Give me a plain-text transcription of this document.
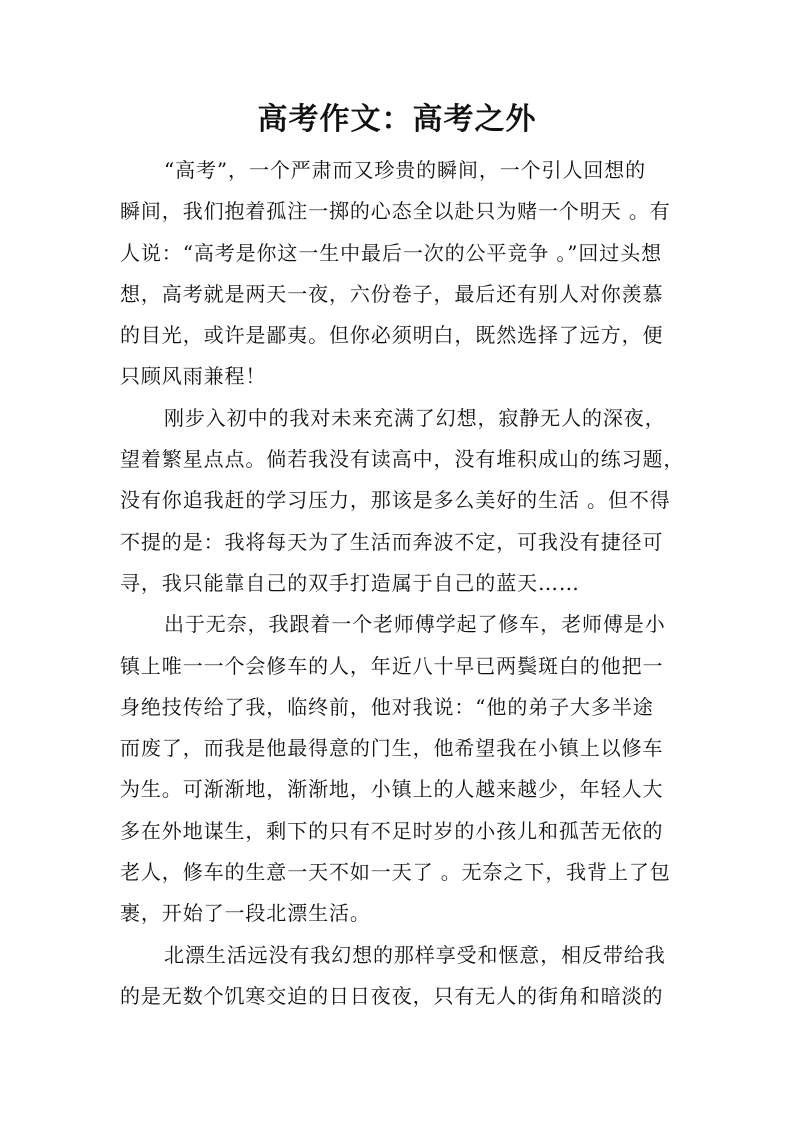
高考作文：高考之外
“高考”，一个严肃而又珍贵的瞬间，一个引人回想的
瞬间，我们抱着孤注一掷的心态全以赴只为赌一个明天 。有
人说：“高考是你这一生中最后一次的公平竞争 。”回过头想
想，高考就是两天一夜，六份卷子，最后还有别人对你羡慕
的目光，或许是鄙夷。但你必须明白，既然选择了远方，便
只顾风雨兼程！
刚步入初中的我对未来充满了幻想，寂静无人的深夜，
望着繁星点点。倘若我没有读高中，没有堆积成山的练习题，
没有你追我赶的学习压力，那该是多么美好的生活 。但不得
不提的是：我将每天为了生活而奔波不定，可我没有捷径可
寻，我只能靠自己的双手打造属于自己的蓝天……
出于无奈，我跟着一个老师傅学起了修车，老师傅是小
镇上唯一一个会修车的人，年近八十早已两鬓斑白的他把一
身绝技传给了我，临终前，他对我说：“他的弟子大多半途
而废了，而我是他最得意的门生，他希望我在小镇上以修车
为生。可渐渐地，渐渐地，小镇上的人越来越少，年轻人大
多在外地谋生，剩下的只有不足时岁的小孩儿和孤苦无依的
老人，修车的生意一天不如一天了 。无奈之下，我背上了包
裹，开始了一段北漂生活。
北漂生活远没有我幻想的那样享受和惬意，相反带给我
的是无数个饥寒交迫的日日夜夜，只有无人的街角和暗淡的
